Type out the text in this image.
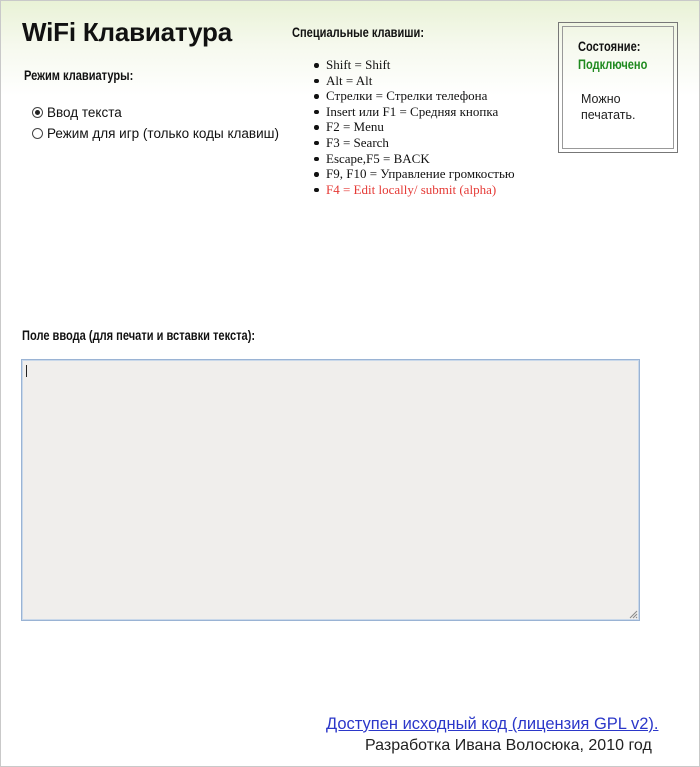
WiFi Клавиатура
Режим клавиатуры:
Ввод текста
Режим для игр (только коды клавиш)
Специальные клавиши:
Shift = Shift
Alt = Alt
Стрелки = Стрелки телефона
Insert или F1 = Средняя кнопка
F2 = Menu
F3 = Search
Escape,F5 = BACK
F9, F10 = Управление громкостью
F4 = Edit locally/ submit (alpha)
Состояние:
Подключено
Можно печатать.
Поле ввода (для печати и вставки текста):
Доступен исходный код (лицензия GPL v2).
Разработка Ивана Волосюка, 2010 год
